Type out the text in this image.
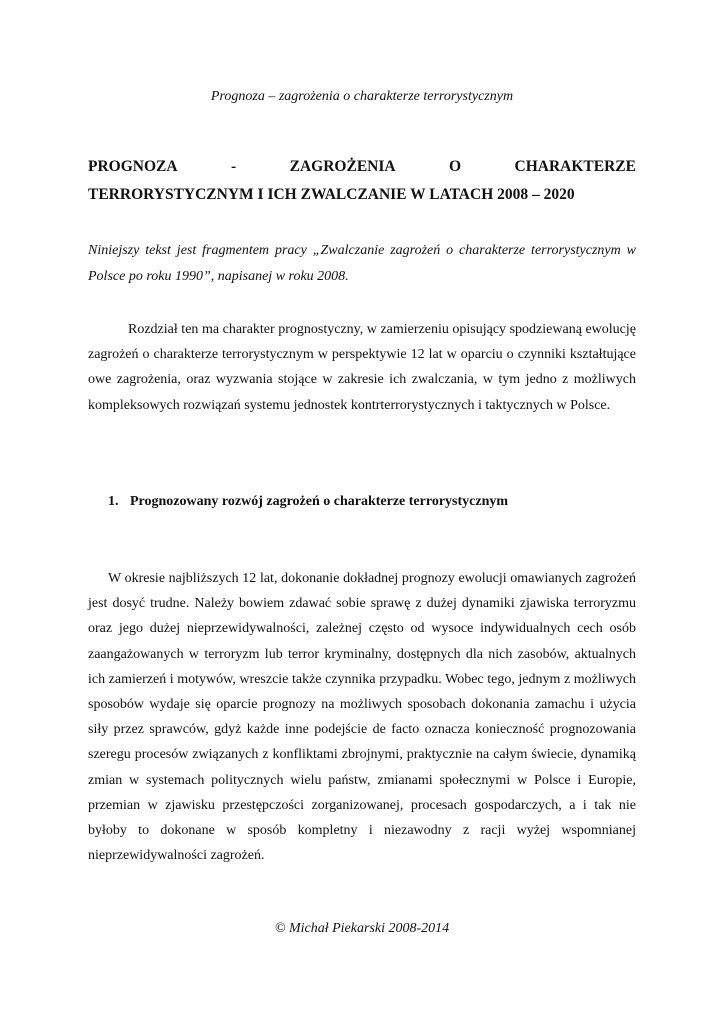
Prognoza – zagrożenia o charakterze terrorystycznym
PROGNOZA	-	ZAGROŻENIA	O	CHARAKTERZE
TERRORYSTYCZNYM I ICH ZWALCZANIE W LATACH 2008 – 2020
Niniejszy tekst jest fragmentem pracy „Zwalczanie zagrożeń o charakterze terrorystycznym w Polsce po roku 1990”, napisanej w roku 2008.
Rozdział ten ma charakter prognostyczny, w zamierzeniu opisujący spodziewaną ewolucję zagrożeń o charakterze terrorystycznym w perspektywie 12 lat w oparciu o czynniki kształtujące owe zagrożenia, oraz wyzwania stojące w zakresie ich zwalczania, w tym jedno z możliwych kompleksowych rozwiązań systemu jednostek kontrterrorystycznych i taktycznych w Polsce.
1. Prognozowany rozwój zagrożeń o charakterze terrorystycznym
W okresie najbliższych 12 lat, dokonanie dokładnej prognozy ewolucji omawianych zagrożeń jest dosyć trudne. Należy bowiem zdawać sobie sprawę z dużej dynamiki zjawiska terroryzmu oraz jego dużej nieprzewidywalności, zależnej często od wysoce indywidualnych cech osób zaangażowanych w terroryzm lub terror kryminalny, dostępnych dla nich zasobów, aktualnych ich zamierzeń i motywów, wreszcie także czynnika przypadku. Wobec tego, jednym z możliwych sposobów wydaje się oparcie prognozy na możliwych sposobach dokonania zamachu i użycia siły przez sprawców, gdyż każde inne podejście de facto oznacza konieczność prognozowania szeregu procesów związanych z konfliktami zbrojnymi, praktycznie na całym świecie, dynamiką zmian w systemach politycznych wielu państw, zmianami społecznymi w Polsce i Europie, przemian w zjawisku przestępczości zorganizowanej, procesach gospodarczych, a i tak nie byłoby to dokonane w sposób kompletny i niezawodny z racji wyżej wspomnianej nieprzewidywalności zagrożeń.
© Michał Piekarski 2008-2014
